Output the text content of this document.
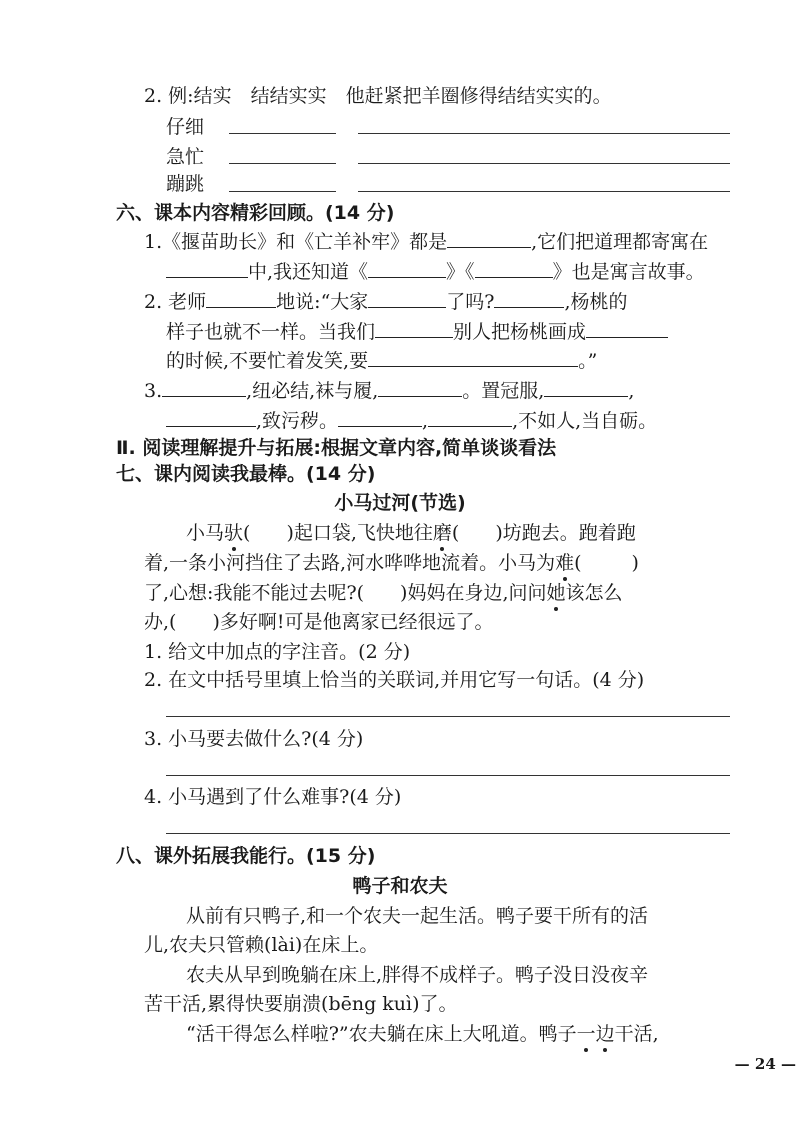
2. 例:结实　结结实实　他赶紧把羊圈修得结结实实的。
仔细
急忙
蹦跳
六、课本内容精彩回顾。(14 分)
1.《揠苗助长》和《亡羊补牢》都是	,它们把道理都寄寓在
中,我还知道《	》《	》也是寓言故事。
2. 老师	地说:“大家	了吗?	,杨桃的
样子也就不一样。当我们	别人把杨桃画成
的时候,不要忙着发笑,要	。”
3.	,纽必结,袜与履,	。置冠服,	,
,致污秽。	,	,不如人,当自砺。
Ⅱ. 阅读理解提升与拓展:根据文章内容,简单谈谈看法
七、课内阅读我最棒。(14 分)
小马过河(节选)
小马驮( )起口袋,飞快地往磨( )坊跑去。跑着跑
着,一条小河挡住了去路,河水哗哗地流着。小马为难(	)
了,心想:我能不能过去呢?( )妈妈在身边,问问她该怎么
办,( )多好啊!可是他离家已经很远了。
1. 给文中加点的字注音。(2 分)
2. 在文中括号里填上恰当的关联词,并用它写一句话。(4 分)
3. 小马要去做什么?(4 分)
4. 小马遇到了什么难事?(4 分)
八、课外拓展我能行。(15 分)
鸭子和农夫
从前有只鸭子,和一个农夫一起生活。鸭子要干所有的活
儿,农夫只管赖(lài)在床上。
农夫从早到晚躺在床上,胖得不成样子。鸭子没日没夜辛
苦干活,累得快要崩溃(bēng kuì)了。
“活干得怎么样啦?”农夫躺在床上大吼道。鸭子一边干活,
— 24 —
